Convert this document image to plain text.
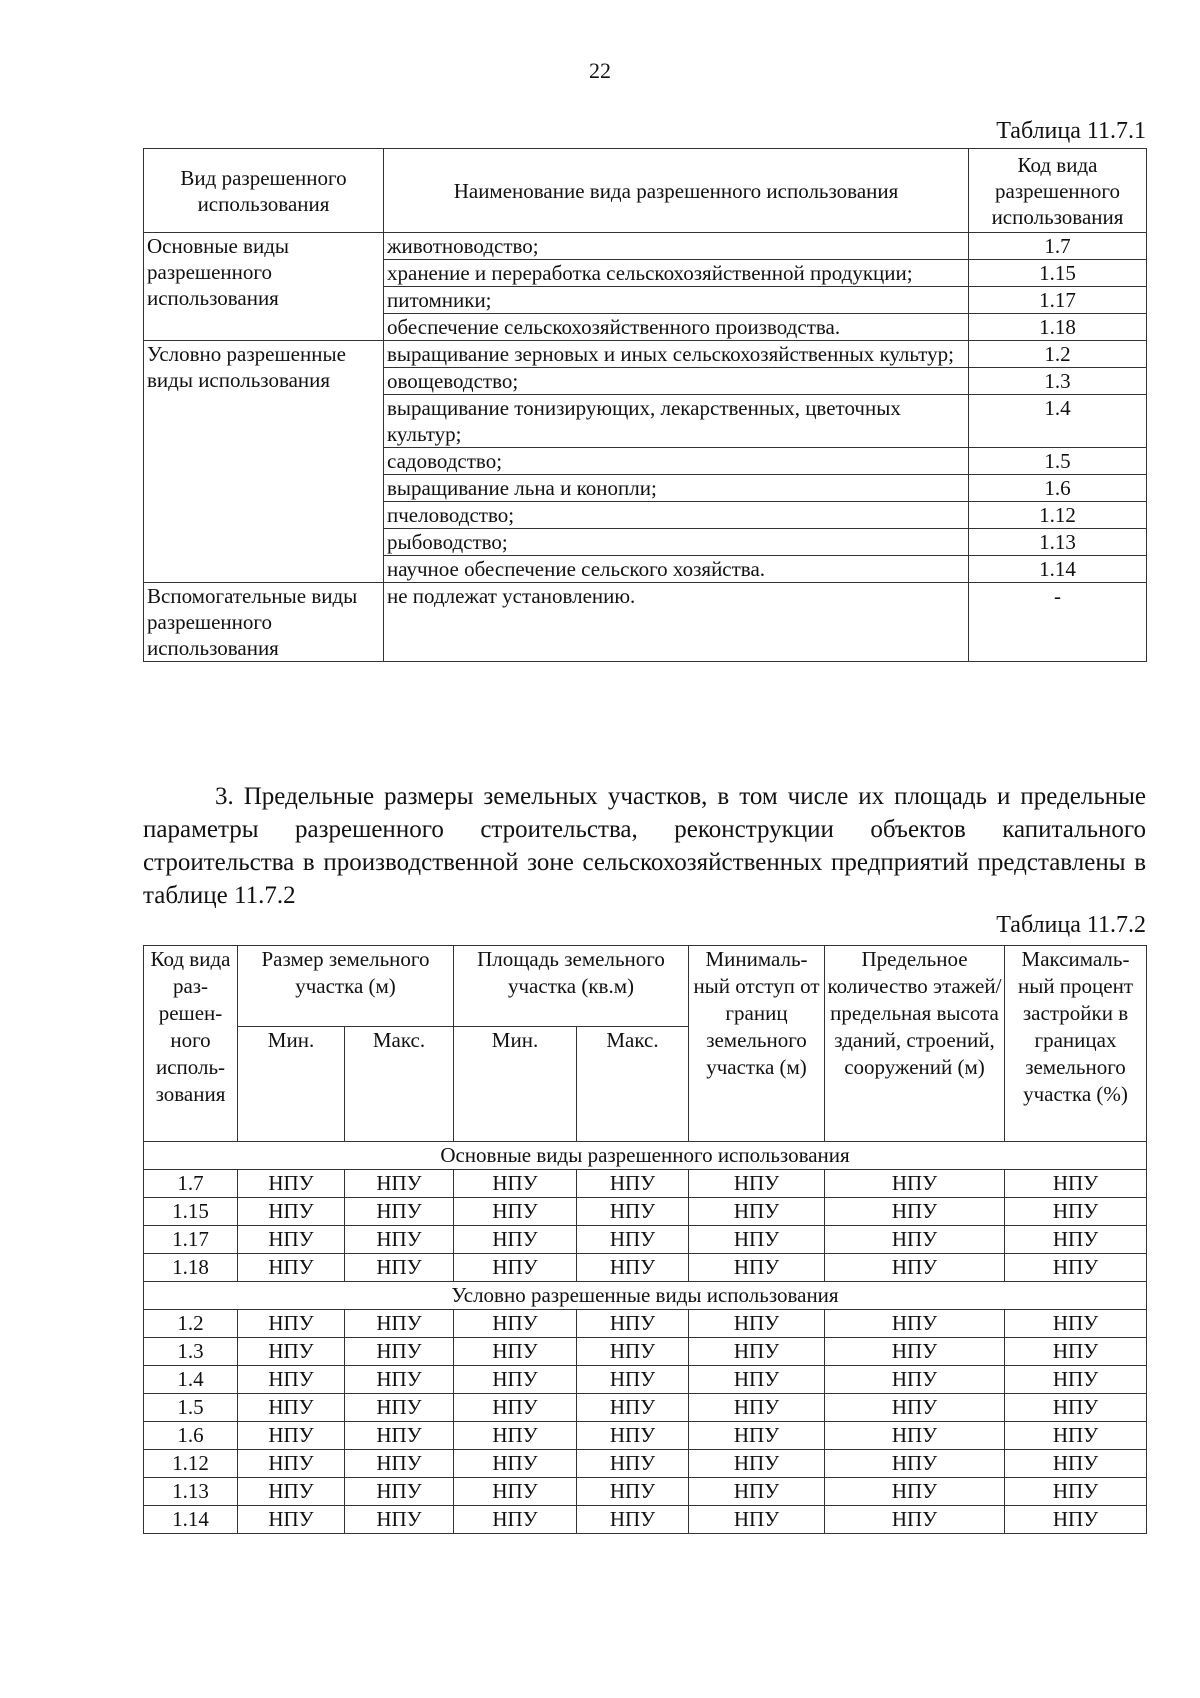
22
Таблица 11.7.1
Вид разрешенного использования	Наименование вида разрешенного использования	Код вида разрешенного использования
Основные виды разрешенного использования	животноводство;	1.7
	хранение и переработка сельскохозяйственной продукции;	1.15
	питомники;	1.17
	обеспечение сельскохозяйственного производства.	1.18
Условно разрешенные виды использования	выращивание зерновых и иных сельскохозяйственных культур;	1.2
	овощеводство;	1.3
	выращивание тонизирующих, лекарственных, цветочных культур;	1.4
	садоводство;	1.5
	выращивание льна и конопли;	1.6
	пчеловодство;	1.12
	рыбоводство;	1.13
	научное обеспечение сельского хозяйства.	1.14
Вспомогательные виды разрешенного использования	не подлежат установлению.	-
3. Предельные размеры земельных участков, в том числе их площадь и предельные параметры разрешенного строительства, реконструкции объектов капитального строительства в производственной зоне сельскохозяйственных предприятий представлены в таблице 11.7.2
Таблица 11.7.2
Код вида раз-решен-ного исполь-зования	Размер земельного участка (м)		Площадь земельного участка (кв.м)		Минималь-ный отступ от границ земельного участка (м)	Предельное количество этажей/ предельная высота зданий, строений, сооружений (м)	Максималь-ный процент застройки в границах земельного участка (%)
	Мин.	Макс.	Мин.	Макс.			
Основные виды разрешенного использования							
1.7	НПУ	НПУ	НПУ	НПУ	НПУ	НПУ	НПУ
1.15	НПУ	НПУ	НПУ	НПУ	НПУ	НПУ	НПУ
1.17	НПУ	НПУ	НПУ	НПУ	НПУ	НПУ	НПУ
1.18	НПУ	НПУ	НПУ	НПУ	НПУ	НПУ	НПУ
Условно разрешенные виды использования							
1.2	НПУ	НПУ	НПУ	НПУ	НПУ	НПУ	НПУ
1.3	НПУ	НПУ	НПУ	НПУ	НПУ	НПУ	НПУ
1.4	НПУ	НПУ	НПУ	НПУ	НПУ	НПУ	НПУ
1.5	НПУ	НПУ	НПУ	НПУ	НПУ	НПУ	НПУ
1.6	НПУ	НПУ	НПУ	НПУ	НПУ	НПУ	НПУ
1.12	НПУ	НПУ	НПУ	НПУ	НПУ	НПУ	НПУ
1.13	НПУ	НПУ	НПУ	НПУ	НПУ	НПУ	НПУ
1.14	НПУ	НПУ	НПУ	НПУ	НПУ	НПУ	НПУ
